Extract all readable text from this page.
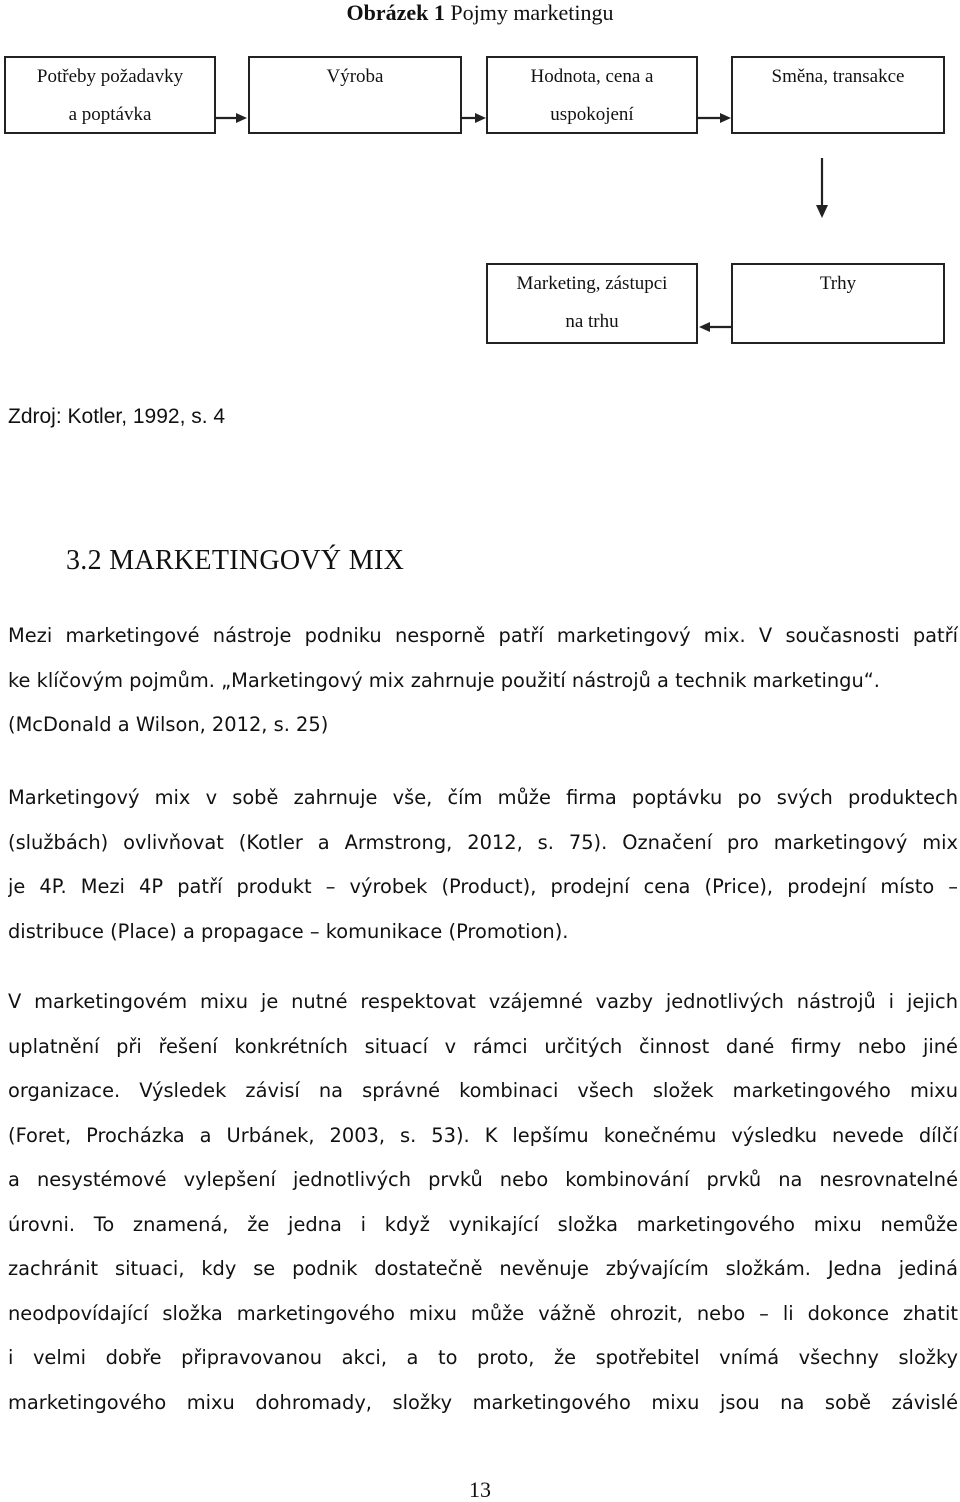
Obrázek 1 Pojmy marketingu
Potřeby požadavky
a poptávka
Výroba	Hodnota, cena a
uspokojení
Směna, transakce
Marketing, zástupci
na trhu
Trhy
Zdroj: Kotler, 1992, s. 4
3.2 MARKETINGOVÝ MIX
Mezi marketingové nástroje podniku nesporně patří marketingový mix. V současnosti patří
ke klíčovým pojmům. „Marketingový mix zahrnuje použití nástrojů a technik marketingu“.
(McDonald a Wilson, 2012, s. 25)
Marketingový mix v sobě zahrnuje vše, čím může firma poptávku po svých produktech
(službách) ovlivňovat (Kotler a Armstrong, 2012, s. 75). Označení pro marketingový mix
je 4P. Mezi 4P patří produkt – výrobek (Product), prodejní cena (Price), prodejní místo –
distribuce (Place) a propagace – komunikace (Promotion).
V marketingovém mixu je nutné respektovat vzájemné vazby jednotlivých nástrojů i jejich
uplatnění při řešení konkrétních situací v rámci určitých činnost dané firmy nebo jiné
organizace. Výsledek závisí na správné kombinaci všech složek marketingového mixu
(Foret, Procházka a Urbánek, 2003, s. 53). K lepšímu konečnému výsledku nevede dílčí
a nesystémové vylepšení jednotlivých prvků nebo kombinování prvků na nesrovnatelné
úrovni. To znamená, že jedna i když vynikající složka marketingového mixu nemůže
zachránit situaci, kdy se podnik dostatečně nevěnuje zbývajícím složkám. Jedna jediná
neodpovídající složka marketingového mixu může vážně ohrozit, nebo – li dokonce zhatit
i velmi dobře připravovanou akci, a to proto, že spotřebitel vnímá všechny složky
marketingového mixu dohromady, složky marketingového mixu jsou na sobě závislé
13
